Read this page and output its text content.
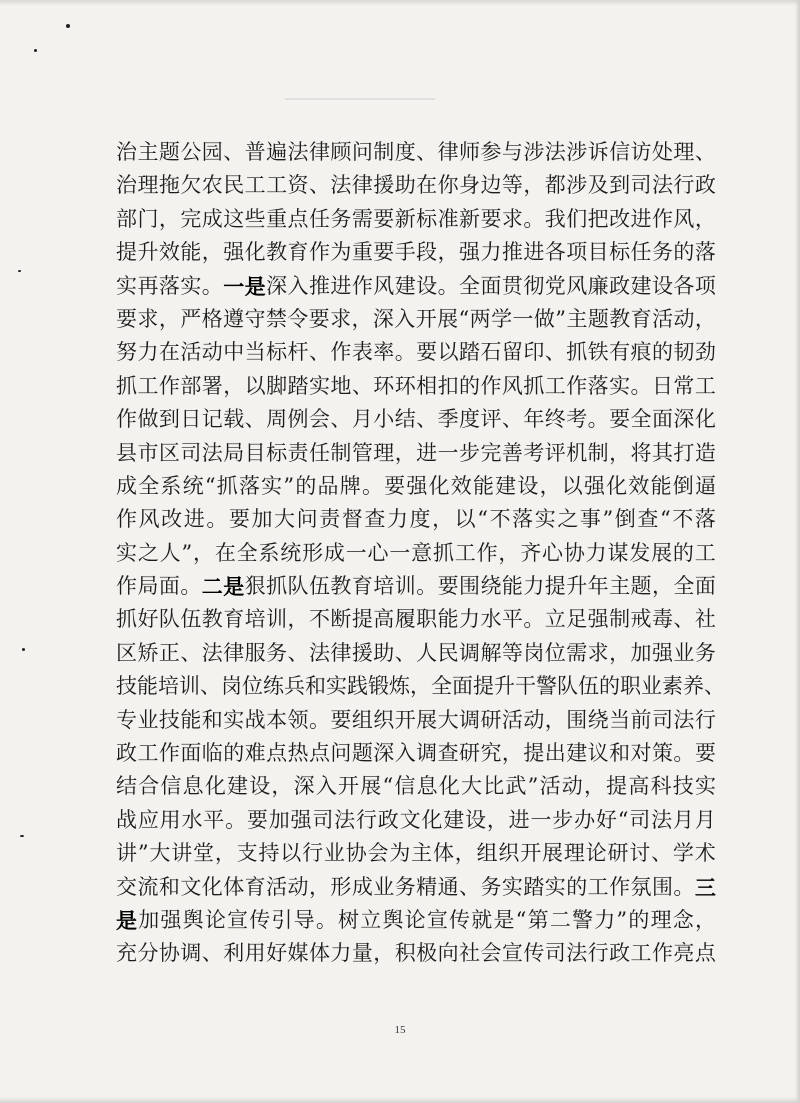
治 主 题 公 园 、 普 遍 法 律 顾 问 制 度 、 律 师 参 与 涉 法 涉 诉 信 访 处 理 、
治 理 拖 欠 农 民 工 工 资 、 法 律 援 助 在 你 身 边 等 ， 都 涉 及 到 司 法 行 政
部 门 ， 完 成 这 些 重 点 任 务 需 要 新 标 准 新 要 求 。 我 们 把 改 进 作 风 ，
提 升 效 能 ， 强 化 教 育 作 为 重 要 手 段 ， 强 力 推 进 各 项 目 标 任 务 的 落
实 再 落 实 。 一 是 深 入 推 进 作 风 建 设 。 全 面 贯 彻 党 风 廉 政 建 设 各 项
要 求 ， 严 格 遵 守 禁 令 要 求 ， 深 入 开 展 “ 两 学 一 做 ” 主 题 教 育 活 动 ，
努 力 在 活 动 中 当 标 杆 、 作 表 率 。 要 以 踏 石 留 印 、 抓 铁 有 痕 的 韧 劲
抓 工 作 部 署 ， 以 脚 踏 实 地 、 环 环 相 扣 的 作 风 抓 工 作 落 实 。 日 常 工
作 做 到 日 记 载 、 周 例 会 、 月 小 结 、 季 度 评 、 年 终 考 。 要 全 面 深 化
县 市 区 司 法 局 目 标 责 任 制 管 理 ， 进 一 步 完 善 考 评 机 制 ， 将 其 打 造
成 全 系 统 “ 抓 落 实 ” 的 品 牌 。 要 强 化 效 能 建 设 ， 以 强 化 效 能 倒 逼
作 风 改 进 。 要 加 大 问 责 督 查 力 度 ， 以 “ 不 落 实 之 事 ” 倒 查 “ 不 落
实 之 人 ” ， 在 全 系 统 形 成 一 心 一 意 抓 工 作 ， 齐 心 协 力 谋 发 展 的 工
作 局 面 。 二 是 狠 抓 队 伍 教 育 培 训 。 要 围 绕 能 力 提 升 年 主 题 ， 全 面
抓 好 队 伍 教 育 培 训 ， 不 断 提 高 履 职 能 力 水 平 。 立 足 强 制 戒 毒 、 社
区 矫 正 、 法 律 服 务 、 法 律 援 助 、 人 民 调 解 等 岗 位 需 求 ， 加 强 业 务
技 能 培 训 、 岗 位 练 兵 和 实 践 锻 炼 ， 全 面 提 升 干 警 队 伍 的 职 业 素 养 、
专 业 技 能 和 实 战 本 领 。 要 组 织 开 展 大 调 研 活 动 ， 围 绕 当 前 司 法 行
政 工 作 面 临 的 难 点 热 点 问 题 深 入 调 查 研 究 ， 提 出 建 议 和 对 策 。 要
结 合 信 息 化 建 设 ， 深 入 开 展 “ 信 息 化 大 比 武 ” 活 动 ， 提 高 科 技 实
战 应 用 水 平 。 要 加 强 司 法 行 政 文 化 建 设 ， 进 一 步 办 好 “ 司 法 月 月
讲 ” 大 讲 堂 ， 支 持 以 行 业 协 会 为 主 体 ， 组 织 开 展 理 论 研 讨 、 学 术
交 流 和 文 化 体 育 活 动 ， 形 成 业 务 精 通 、 务 实 踏 实 的 工 作 氛 围 。 三
是 加 强 舆 论 宣 传 引 导 。 树 立 舆 论 宣 传 就 是 “ 第 二 警 力 ” 的 理 念 ，
充 分 协 调 、 利 用 好 媒 体 力 量 ， 积 极 向 社 会 宣 传 司 法 行 政 工 作 亮 点
15
